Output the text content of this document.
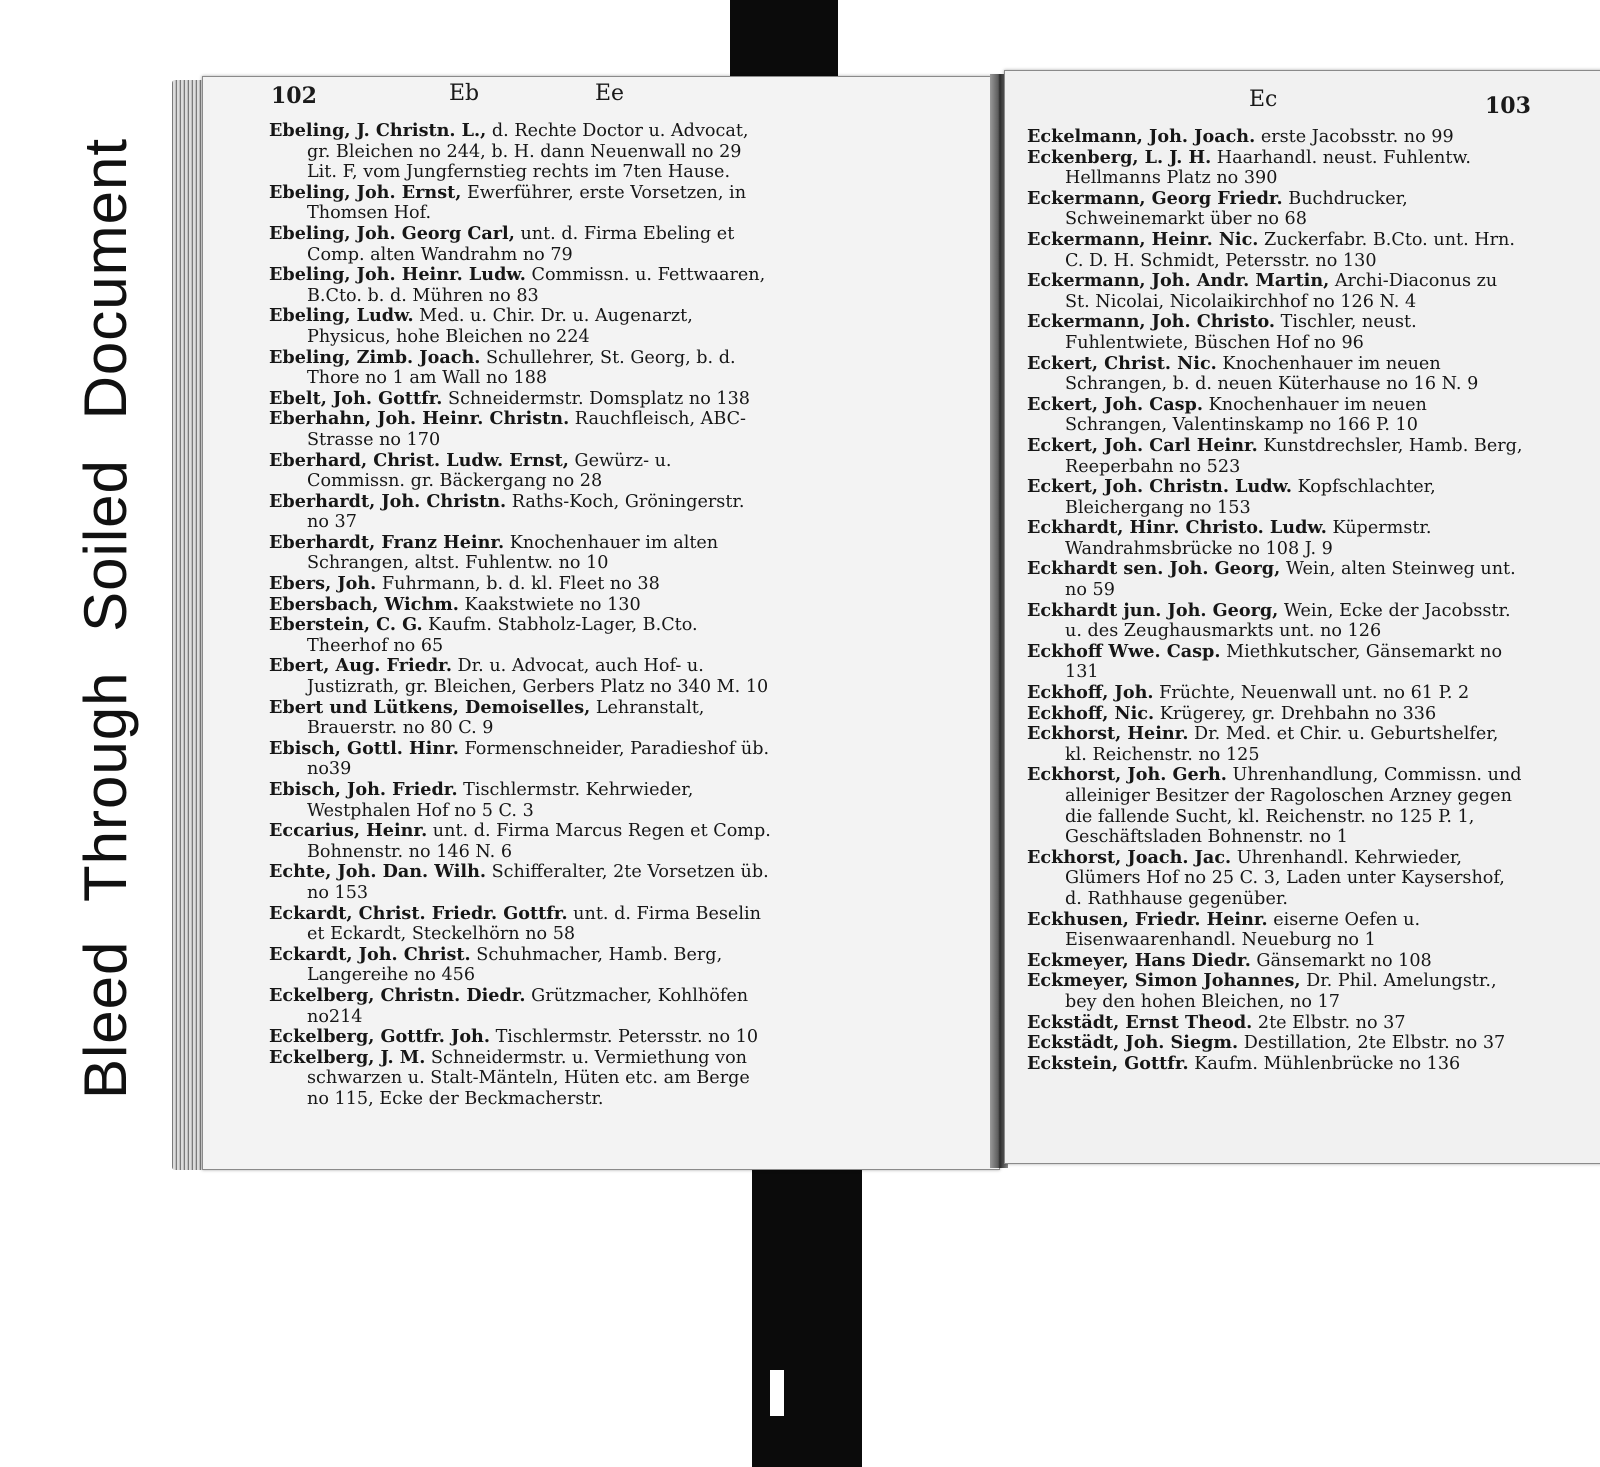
Bleed Through Soiled Document
102	Eb	Ee

Ebeling, J. Christn. L., d. Rechte Doctor u. Advocat, gr. Bleichen no 244, b. H. dann Neuenwall no 29 Lit. F, vom Jungfernstieg rechts im 7ten Hause.

Ebeling, Joh. Ernst, Ewerführer, erste Vorsetzen, in Thomsen Hof.

Ebeling, Joh. Georg Carl, unt. d. Firma Ebeling et Comp. alten Wandrahm no 79

Ebeling, Joh. Heinr. Ludw. Commissn. u. Fettwaaren, B.Cto. b. d. Mühren no 83

Ebeling, Ludw. Med. u. Chir. Dr. u. Augenarzt, Physicus, hohe Bleichen no 224

Ebeling, Zimb. Joach. Schullehrer, St. Georg, b. d. Thore no 1 am Wall no 188

Ebelt, Joh. Gottfr. Schneidermstr. Domsplatz no 138

Eberhahn, Joh. Heinr. Christn. Rauchfleisch, ABC-Strasse no 170

Eberhard, Christ. Ludw. Ernst, Gewürz- u. Commissn. gr. Bäckergang no 28

Eberhardt, Joh. Christn. Raths-Koch, Gröningerstr. no 37

Eberhardt, Franz Heinr. Knochenhauer im alten Schrangen, altst. Fuhlentw. no 10

Ebers, Joh. Fuhrmann, b. d. kl. Fleet no 38

Ebersbach, Wichm. Kaakstwiete no 130

Eberstein, C. G. Kaufm. Stabholz-Lager, B.Cto. Theerhof no 65

Ebert, Aug. Friedr. Dr. u. Advocat, auch Hof- u. Justizrath, gr. Bleichen, Gerbers Platz no 340 M. 10

Ebert und Lütkens, Demoiselles, Lehranstalt, Brauerstr. no 80 C. 9

Ebisch, Gottl. Hinr. Formenschneider, Paradieshof üb. no39

Ebisch, Joh. Friedr. Tischlermstr. Kehrwieder, Westphalen Hof no 5 C. 3

Eccarius, Heinr. unt. d. Firma Marcus Regen et Comp. Bohnenstr. no 146 N. 6

Echte, Joh. Dan. Wilh. Schifferalter, 2te Vorsetzen üb. no 153

Eckardt, Christ. Friedr. Gottfr. unt. d. Firma Beselin et Eckardt, Steckelhörn no 58

Eckardt, Joh. Christ. Schuhmacher, Hamb. Berg, Langereihe no 456

Eckelberg, Christn. Diedr. Grützmacher, Kohlhöfen no214

Eckelberg, Gottfr. Joh. Tischlermstr. Petersstr. no 10

Eckelberg, J. M. Schneidermstr. u. Vermiethung von schwarzen u. Stalt-Mänteln, Hüten etc. am Berge no 115, Ecke der Beckmacherstr.

Ec	103

Eckelmann, Joh. Joach. erste Jacobsstr. no 99

Eckenberg, L. J. H. Haarhandl. neust. Fuhlentw. Hellmanns Platz no 390

Eckermann, Georg Friedr. Buchdrucker, Schweinemarkt über no 68

Eckermann, Heinr. Nic. Zuckerfabr. B.Cto. unt. Hrn. C. D. H. Schmidt, Petersstr. no 130

Eckermann, Joh. Andr. Martin, Archi-Diaconus zu St. Nicolai, Nicolaikirchhof no 126 N. 4

Eckermann, Joh. Christo. Tischler, neust. Fuhlentwiete, Büschen Hof no 96

Eckert, Christ. Nic. Knochenhauer im neuen Schrangen, b. d. neuen Küterhause no 16 N. 9

Eckert, Joh. Casp. Knochenhauer im neuen Schrangen, Valentinskamp no 166 P. 10

Eckert, Joh. Carl Heinr. Kunstdrechsler, Hamb. Berg, Reeperbahn no 523

Eckert, Joh. Christn. Ludw. Kopfschlachter, Bleichergang no 153

Eckhardt, Hinr. Christo. Ludw. Küpermstr. Wandrahmsbrücke no 108 J. 9

Eckhardt sen. Joh. Georg, Wein, alten Steinweg unt. no 59

Eckhardt jun. Joh. Georg, Wein, Ecke der Jacobsstr. u. des Zeughausmarkts unt. no 126

Eckhoff Wwe. Casp. Miethkutscher, Gänsemarkt no 131

Eckhoff, Joh. Früchte, Neuenwall unt. no 61 P. 2

Eckhoff, Nic. Krügerey, gr. Drehbahn no 336

Eckhorst, Heinr. Dr. Med. et Chir. u. Geburtshelfer, kl. Reichenstr. no 125

Eckhorst, Joh. Gerh. Uhrenhandlung, Commissn. und alleiniger Besitzer der Ragoloschen Arzney gegen die fallende Sucht, kl. Reichenstr. no 125 P. 1, Geschäftsladen Bohnenstr. no 1

Eckhorst, Joach. Jac. Uhrenhandl. Kehrwieder, Glümers Hof no 25 C. 3, Laden unter Kaysershof, d. Rathhause gegenüber.

Eckhusen, Friedr. Heinr. eiserne Oefen u. Eisenwaarenhandl. Neueburg no 1

Eckmeyer, Hans Diedr. Gänsemarkt no 108

Eckmeyer, Simon Johannes, Dr. Phil. Amelungstr., bey den hohen Bleichen, no 17

Eckstädt, Ernst Theod. 2te Elbstr. no 37

Eckstädt, Joh. Siegm. Destillation, 2te Elbstr. no 37

Eckstein, Gottfr. Kaufm. Mühlenbrücke no 136
